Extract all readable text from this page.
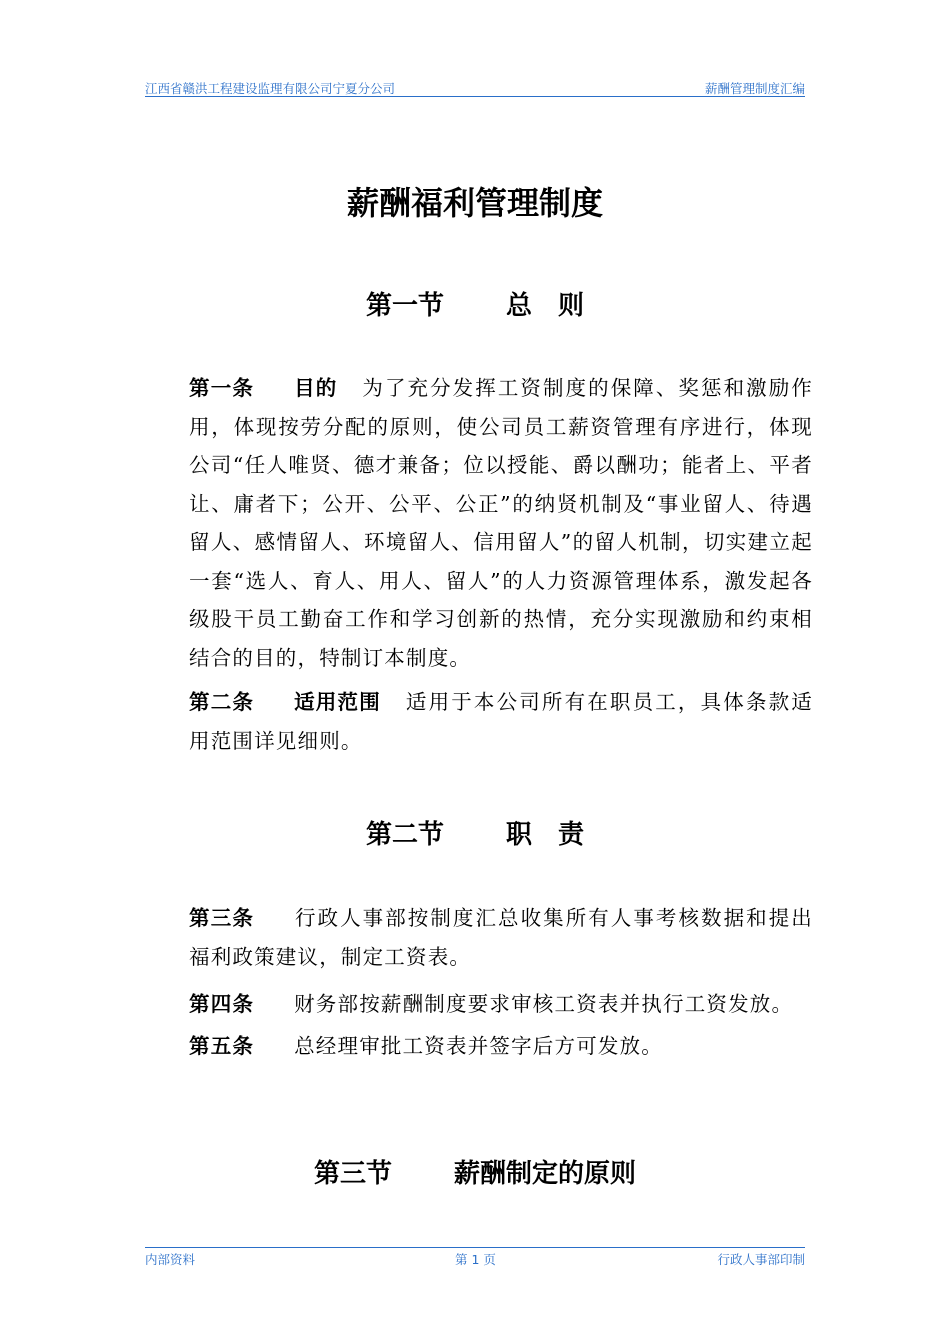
江西省赣洪工程建设监理有限公司宁夏分公司	薪酬管理制度汇编
薪酬福利管理制度
第一节 总　则

第一条 目的 为了充分发挥工资制度的保障、奖惩和激励作用，体现按劳分配的原则，使公司员工薪资管理有序进行，体现公司“任人唯贤、德才兼备；位以授能、爵以酬功；能者上、平者让、庸者下；公开、公平、公正”的纳贤机制及“事业留人、待遇留人、感情留人、环境留人、信用留人”的留人机制，切实建立起一套“选人、育人、用人、留人”的人力资源管理体系，激发起各级股干员工勤奋工作和学习创新的热情，充分实现激励和约束相结合的目的，特制订本制度。

第二条 适用范围 适用于本公司所有在职员工，具体条款适用范围详见细则。

第二节 职　责

第三条 行政人事部按制度汇总收集所有人事考核数据和提出福利政策建议，制定工资表。

第四条 财务部按薪酬制度要求审核工资表并执行工资发放。

第五条 总经理审批工资表并签字后方可发放。

第三节 薪酬制定的原则
内部资料	第 1 页	行政人事部印制
